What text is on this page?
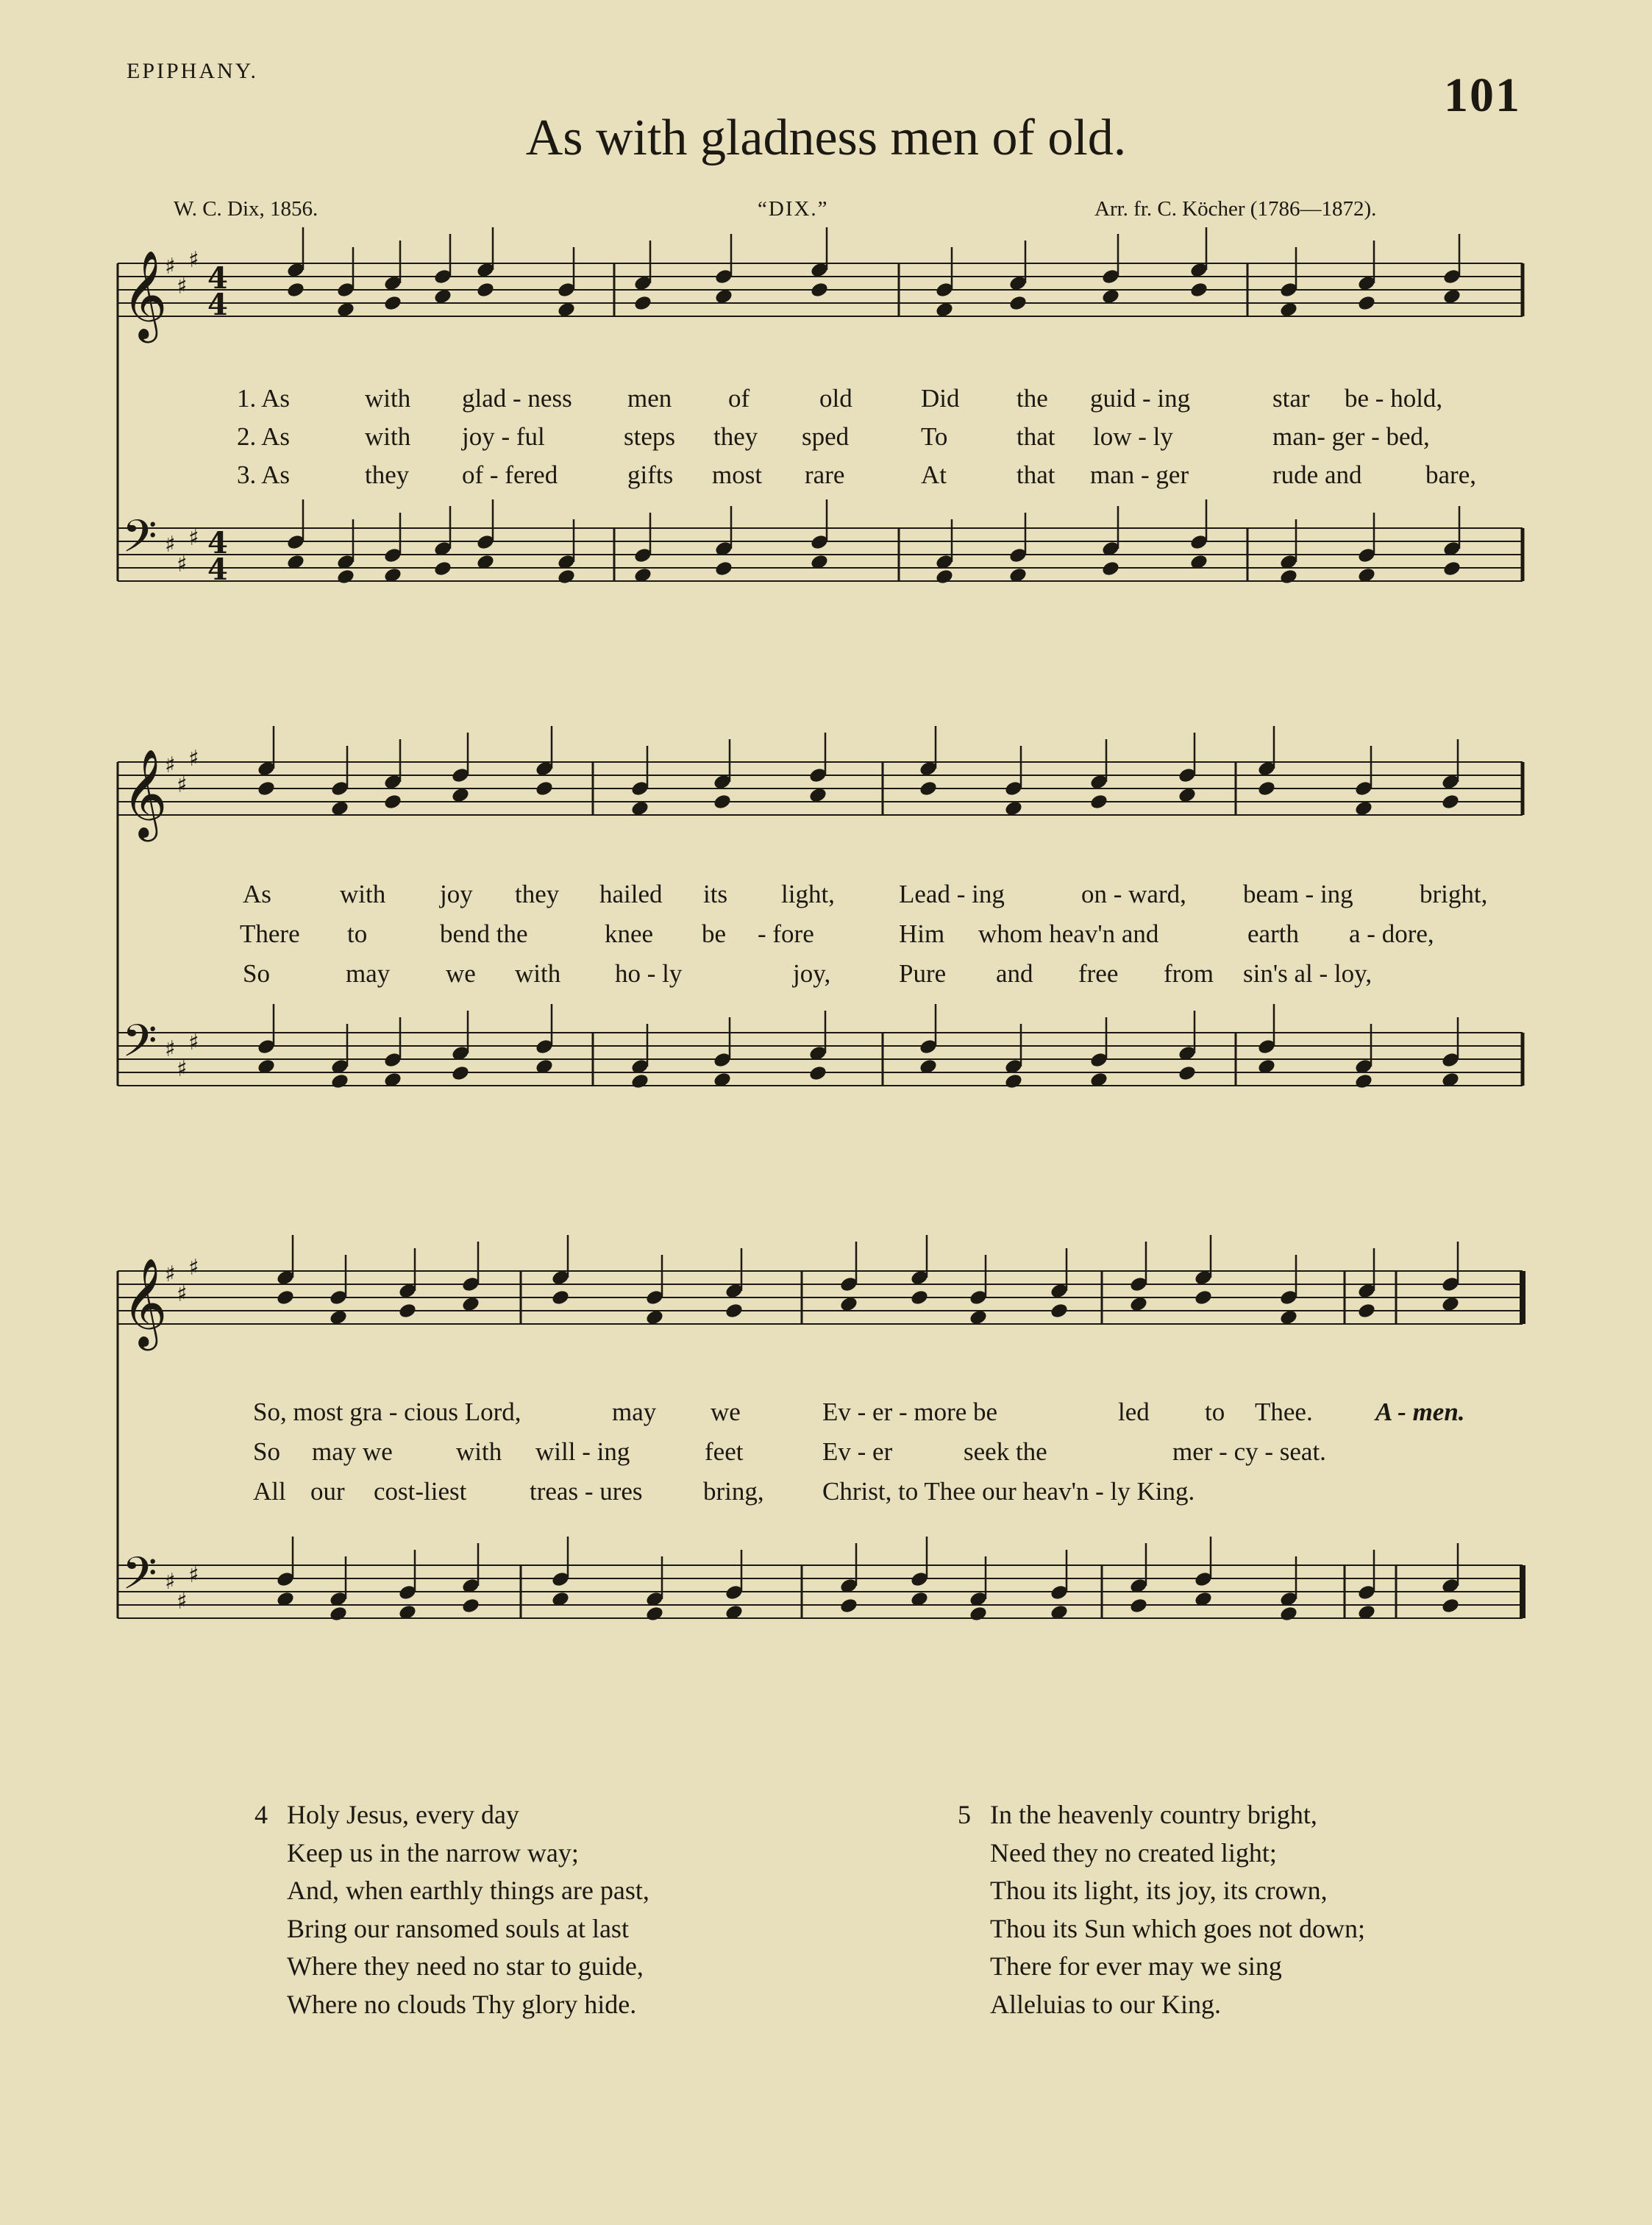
EPIPHANY.	101
As with gladness men of old.
W. C. Dix, 1856.	“DIX.”	Arr. fr. C. Köcher (1786—1872).
𝄞
♯
♯
♯
4
4
𝄢 ♯
♯
♯ 4
4
𝄞
♯
♯
♯
𝄢 ♯
♯
♯
𝄞
♯
♯
♯
𝄢 ♯
♯
♯
1. As	with glad - ness men of	old	Did the guid - ing	star be - hold,
2. As	with joy - ful	steps they sped	To	that low - ly	man- ger - bed,
3. As	they of - fered	gifts most rare	At	that man - ger	rude and bare,
As	with joy they hailed its light, Lead - ing	on - ward, beam - ing	bright,
There to	bend the	knee be - fore	Him whom heav'n and	earth a - dore,
So	may we with ho - ly	joy,	Pure and free from sin's al - loy,
So, most gra - cious Lord,	may we	Ev - er - more be	led to Thee. A - men.
So may we with will - ing	feet	Ev - er	seek the	mer - cy - seat.
All our cost-liest treas - ures bring, Christ, to Thee our heav'n - ly King.
4 Holy Jesus, every day
Keep us in the narrow way;
And, when earthly things are past,
Bring our ransomed souls at last
Where they need no star to guide,
Where no clouds Thy glory hide.
5 In the heavenly country bright,
Need they no created light;
Thou its light, its joy, its crown,
Thou its Sun which goes not down;
There for ever may we sing
Alleluias to our King.
